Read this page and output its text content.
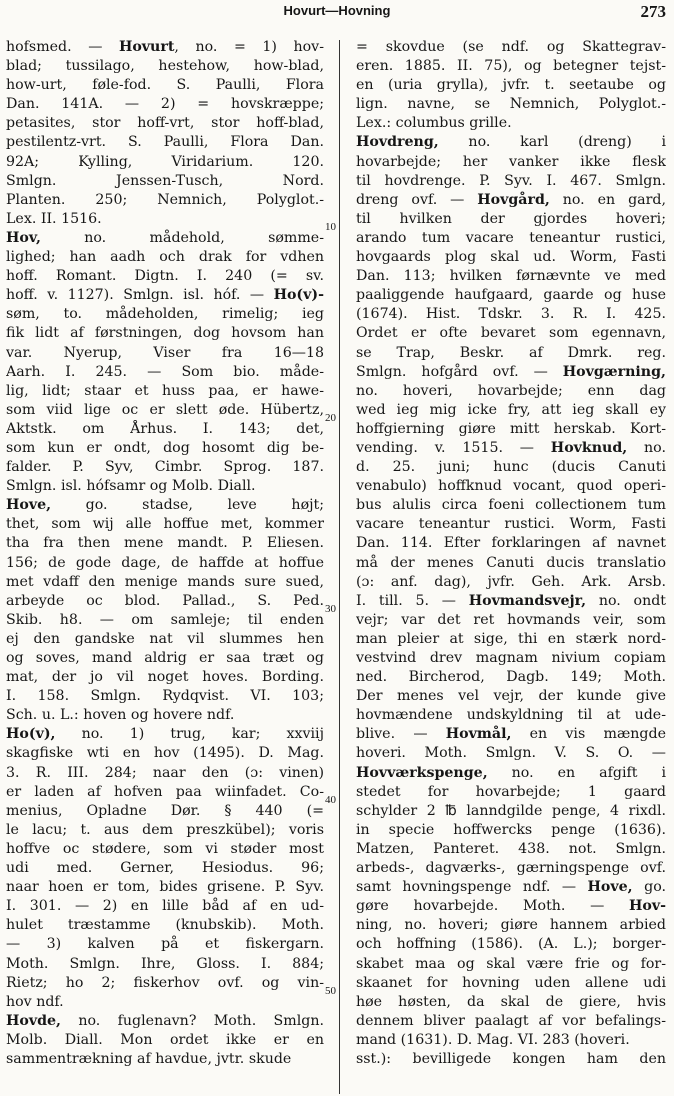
Hovurt—Hovning	273
hofsmed. — Hovurt, no. = 1) hov-
blad; tussilago, hestehow, how-blad,
how-urt, føle-fod. S. Paulli, Flora
Dan. 141A. — 2) = hovskræppe;
petasites, stor hoff-vrt, stor hoff-blad,
pestilentz-vrt. S. Paulli, Flora Dan.
92A; Kylling, Viridarium. 120.
Smlgn. Jenssen-Tusch, Nord.
Planten. 250; Nemnich, Polyglot.-
Lex. II. 1516.
Hov, no. mådehold, sømme-
lighed; han aadh och drak for vdhen
hoff. Romant. Digtn. I. 240 (= sv.
hoff. v. 1127). Smlgn. isl. hóf. — Ho(v)-
søm, to. mådeholden, rimelig; ieg
fik lidt af førstningen, dog hovsom han
var. Nyerup, Viser fra 16—18
Aarh. I. 245. — Som bio. måde-
lig, lidt; staar et huss paa, er hawe-
som viid lige oc er slett øde. Hübertz,
Aktstk. om Århus. I. 143; det,
som kun er ondt, dog hosomt dig be-
falder. P. Syv, Cimbr. Sprog. 187.
Smlgn. isl. hófsamr og Molb. Diall.
Hove, go. stadse, leve højt;
thet, som wij alle hoffue met, kommer
tha fra then mene mandt. P. Eliesen.
156; de gode dage, de haffde at hoffue
met vdaff den menige mands sure sued,
arbeyde oc blod. Pallad., S. Ped.
Skib. h8. — om samleje; til enden
ej den gandske nat vil slummes hen
og soves, mand aldrig er saa træt og
mat, der jo vil noget hoves. Bording.
I. 158. Smlgn. Rydqvist. VI. 103;
Sch. u. L.: hoven og hovere ndf.
Ho(v), no. 1) trug, kar; xxviij
skagfiske wti en hov (1495). D. Mag.
3. R. III. 284; naar den (ɔ: vinen)
er laden af hofven paa wiinfadet. Co-
menius, Opladne Dør. § 440 (=
le lacu; t. aus dem preszkübel); voris
hoffve oc stødere, som vi støder most
udi med. Gerner, Hesiodus. 96;
naar hoen er tom, bides grisene. P. Syv.
I. 301. — 2) en lille båd af en ud-
hulet træstamme (knubskib). Moth.
— 3) kalven på et fiskergarn.
Moth. Smlgn. Ihre, Gloss. I. 884;
Rietz; ho 2; fiskerhov ovf. og vin-
hov ndf.
Hovde, no. fuglenavn? Moth. Smlgn.
Molb. Diall. Mon ordet ikke er en
sammentrækning af havdue, jvtr. skude
= skovdue (se ndf. og Skattegrav-
eren. 1885. II. 75), og betegner tejst-
en (uria grylla), jvfr. t. seetaube og
lign. navne, se Nemnich, Polyglot.-
Lex.: columbus grille.
Hovdreng, no. karl (dreng) i
hovarbejde; her vanker ikke flesk
til hovdrenge. P. Syv. I. 467. Smlgn.
dreng ovf. — Hovgård, no. en gard,
til hvilken der gjordes hoveri;
arando tum vacare teneantur rustici,
hovgaards plog skal ud. Worm, Fasti
Dan. 113; hvilken førnævnte ve med
paaliggende haufgaard, gaarde og huse
(1674). Hist. Tdskr. 3. R. I. 425.
Ordet er ofte bevaret som egennavn,
se Trap, Beskr. af Dmrk. reg.
Smlgn. hofgård ovf. — Hovgærning,
no. hoveri, hovarbejde; enn dag
wed ieg mig icke fry, att ieg skall ey
hoffgierning giøre mitt herskab. Kort-
vending. v. 1515. — Hovknud, no.
d. 25. juni; hunc (ducis Canuti
venabulo) hoffknud vocant, quod operi-
bus alulis circa foeni collectionem tum
vacare teneantur rustici. Worm, Fasti
Dan. 114. Efter forklaringen af navnet
må der menes Canuti ducis translatio
(ɔ: anf. dag), jvfr. Geh. Ark. Arsb.
I. till. 5. — Hovmandsvejr, no. ondt
vejr; var det ret hovmands veir, som
man pleier at sige, thi en stærk nord-
vestvind drev magnam nivium copiam
ned. Bircherod, Dagb. 149; Moth.
Der menes vel vejr, der kunde give
hovmændene undskyldning til at ude-
blive. — Hovmål, en vis mængde
hoveri. Moth. Smlgn. V. S. O. —
Hovværkspenge, no. en afgift i
stedet for hovarbejde; 1 gaard
schylder 2 ℔ lanndgilde penge, 4 rixdl.
in specie hoffwercks penge (1636).
Matzen, Panteret. 438. not. Smlgn.
arbeds-, dagværks-, gærningspenge ovf.
samt hovningspenge ndf. — Hove, go.
gøre hovarbejde. Moth. — Hov-
ning, no. hoveri; giøre hannem arbied
och hoffning (1586). (A. L.); borger-
skabet maa og skal være frie og for-
skaanet for hovning uden allene udi
høe høsten, da skal de giere, hvis
dennem bliver paalagt af vor befalings-
mand (1631). D. Mag. VI. 283 (hoveri.
sst.): bevilligede kongen ham den
10
20
30
40
50
